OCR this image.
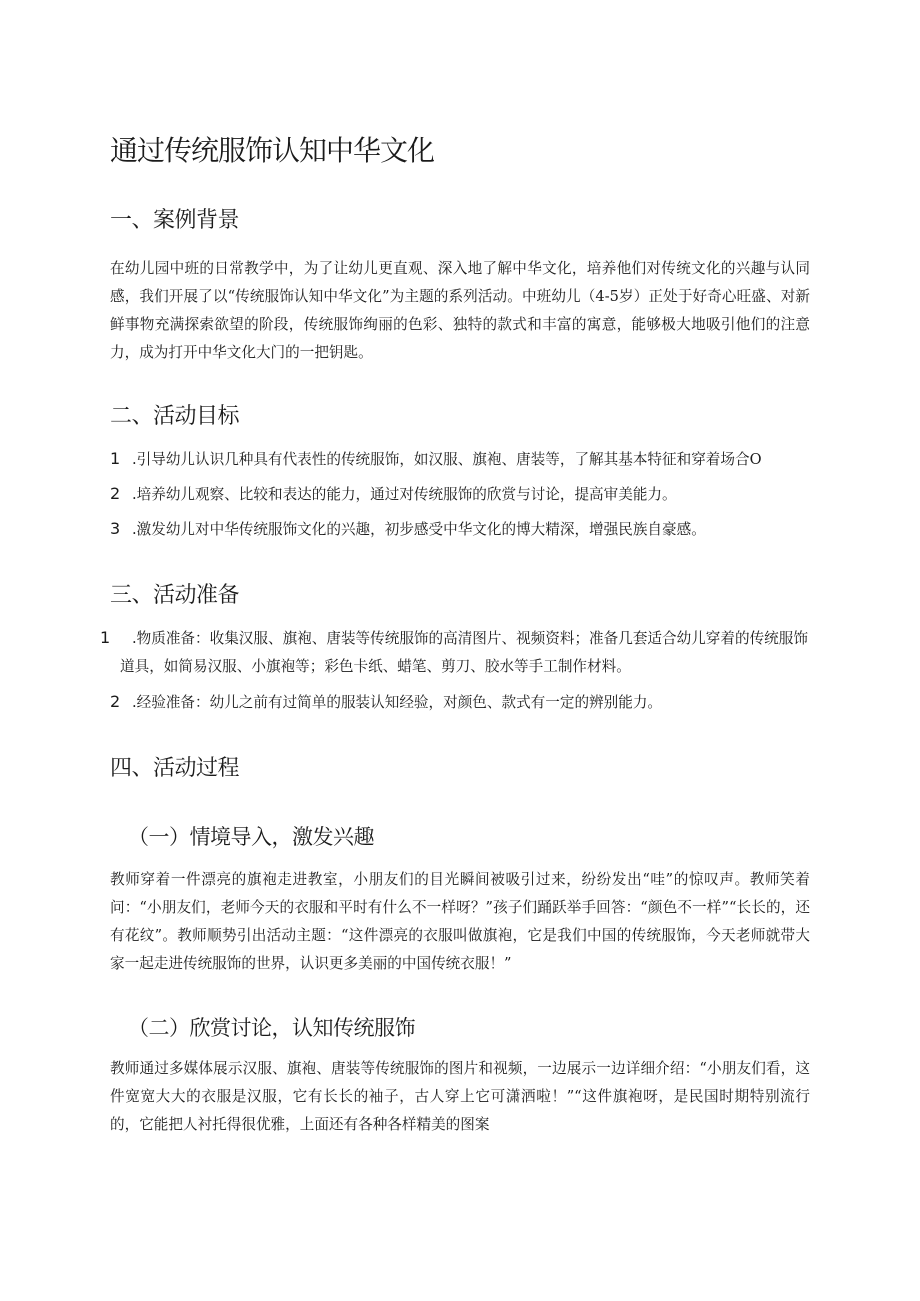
通过传统服饰认知中华文化
一、案例背景

在幼儿园中班的日常教学中，为了让幼儿更直观、深入地了解中华文化，培养他们对传统文化的兴趣与认同感，我们开展了以“传统服饰认知中华文化”为主题的系列活动。中班幼儿（4-5岁）正处于好奇心旺盛、对新鲜事物充满探索欲望的阶段，传统服饰绚丽的色彩、独特的款式和丰富的寓意，能够极大地吸引他们的注意力，成为打开中华文化大门的一把钥匙。

二、活动目标
1 .引导幼儿认识几种具有代表性的传统服饰，如汉服、旗袍、唐装等，了解其基本特征和穿着场合O
2 .培养幼儿观察、比较和表达的能力，通过对传统服饰的欣赏与讨论，提高审美能力。
3 .激发幼儿对中华传统服饰文化的兴趣，初步感受中华文化的博大精深，增强民族自豪感。
三、活动准备
1 .物质准备：收集汉服、旗袍、唐装等传统服饰的高清图片、视频资料；准备几套适合幼儿穿着的传统服饰道具，如简易汉服、小旗袍等；彩色卡纸、蜡笔、剪刀、胶水等手工制作材料。
2 .经验准备：幼儿之前有过简单的服装认知经验，对颜色、款式有一定的辨别能力。
四、活动过程
（一）情境导入，激发兴趣

教师穿着一件漂亮的旗袍走进教室，小朋友们的目光瞬间被吸引过来，纷纷发出“哇”的惊叹声。教师笑着问：“小朋友们，老师今天的衣服和平时有什么不一样呀？”孩子们踊跃举手回答：“颜色不一样”“长长的，还有花纹”。教师顺势引出活动主题：“这件漂亮的衣服叫做旗袍，它是我们中国的传统服饰，今天老师就带大家一起走进传统服饰的世界，认识更多美丽的中国传统衣服！”

（二）欣赏讨论，认知传统服饰

教师通过多媒体展示汉服、旗袍、唐装等传统服饰的图片和视频，一边展示一边详细介绍：“小朋友们看，这件宽宽大大的衣服是汉服，它有长长的袖子，古人穿上它可潇洒啦！”“这件旗袍呀，是民国时期特别流行的，它能把人衬托得很优雅，上面还有各种各样精美的图案
